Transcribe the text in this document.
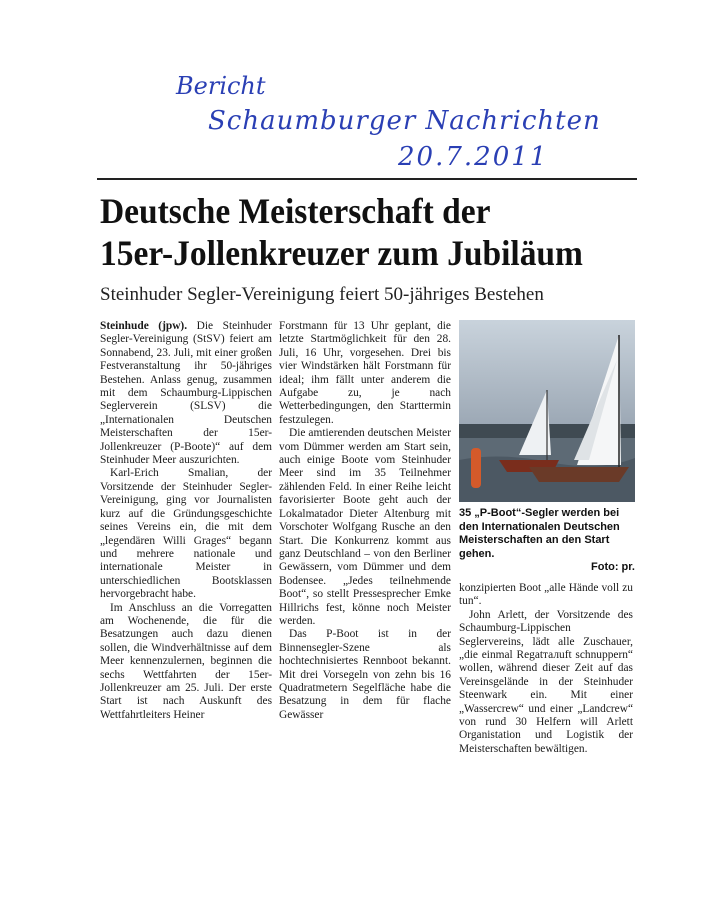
Bericht
Schaumburger Nachrichten
20.7.2011
Deutsche Meisterschaft der
15er-Jollenkreuzer zum Jubiläum
Steinhuder Segler-Vereinigung feiert 50-jähriges Bestehen

Steinhude (jpw). Die Steinhuder Segler-Vereinigung (StSV) feiert am Sonnabend, 23. Juli, mit einer großen Festveranstaltung ihr 50-jähriges Bestehen. Anlass genug, zusammen mit dem Schaumburg-Lippischen Seglerverein (SLSV) die „Internationalen Deutschen Meisterschaften der 15er-Jollenkreuzer (P-Boote)“ auf dem Steinhuder Meer auszurichten.

Karl-Erich Smalian, der Vorsitzende der Steinhuder Segler-Vereinigung, ging vor Journalisten kurz auf die Gründungsgeschichte seines Vereins ein, die mit dem „legendären Willi Grages“ begann und mehrere nationale und internationale Meister in unterschiedlichen Bootsklassen hervorgebracht habe.

Im Anschluss an die Vorregatten am Wochenende, die für die Besatzungen auch dazu dienen sollen, die Windverhältnisse auf dem Meer kennenzulernen, beginnen die sechs Wettfahrten der 15er-Jollenkreuzer am 25. Juli. Der erste Start ist nach Auskunft des Wettfahrtleiters Heiner

Forstmann für 13 Uhr geplant, die letzte Startmöglichkeit für den 28. Juli, 16 Uhr, vorgesehen. Drei bis vier Windstärken hält Forstmann für ideal; ihm fällt unter anderem die Aufgabe zu, je nach Wetterbedingungen, den Starttermin festzulegen.

Die amtierenden deutschen Meister vom Dümmer werden am Start sein, auch einige Boote vom Steinhuder Meer sind im 35 Teilnehmer zählenden Feld. In einer Reihe leicht favorisierter Boote geht auch der Lokalmatador Dieter Altenburg mit Vorschoter Wolfgang Rusche an den Start. Die Konkurrenz kommt aus ganz Deutschland – von den Berliner Gewässern, vom Dümmer und dem Bodensee. „Jedes teilnehmende Boot“, so stellt Pressesprecher Emke Hillrichs fest, könne noch Meister werden.

Das P-Boot ist in der Binnensegler-Szene als hochtechnisiertes Rennboot bekannt. Mit drei Vorsegeln von zehn bis 16 Quadratmetern Segelfläche habe die Besatzung in dem für flache Gewässer

35 „P-Boot“-Segler werden bei den Internationalen Deutschen Meisterschaften an den Start gehen.
Foto: pr.

konzipierten Boot „alle Hände voll zu tun“.

John Arlett, der Vorsitzende des Schaumburg-Lippischen Seglervereins, lädt alle Zuschauer, „die einmal Regatталuft schnuppern“ wollen, während dieser Zeit auf das Vereinsgelände in der Steinhuder Steenwark ein. Mit einer „Wassercrew“ und einer „Landcrew“ von rund 30 Helfern will Arlett Organistation und Logistik der Meisterschaften bewältigen.
